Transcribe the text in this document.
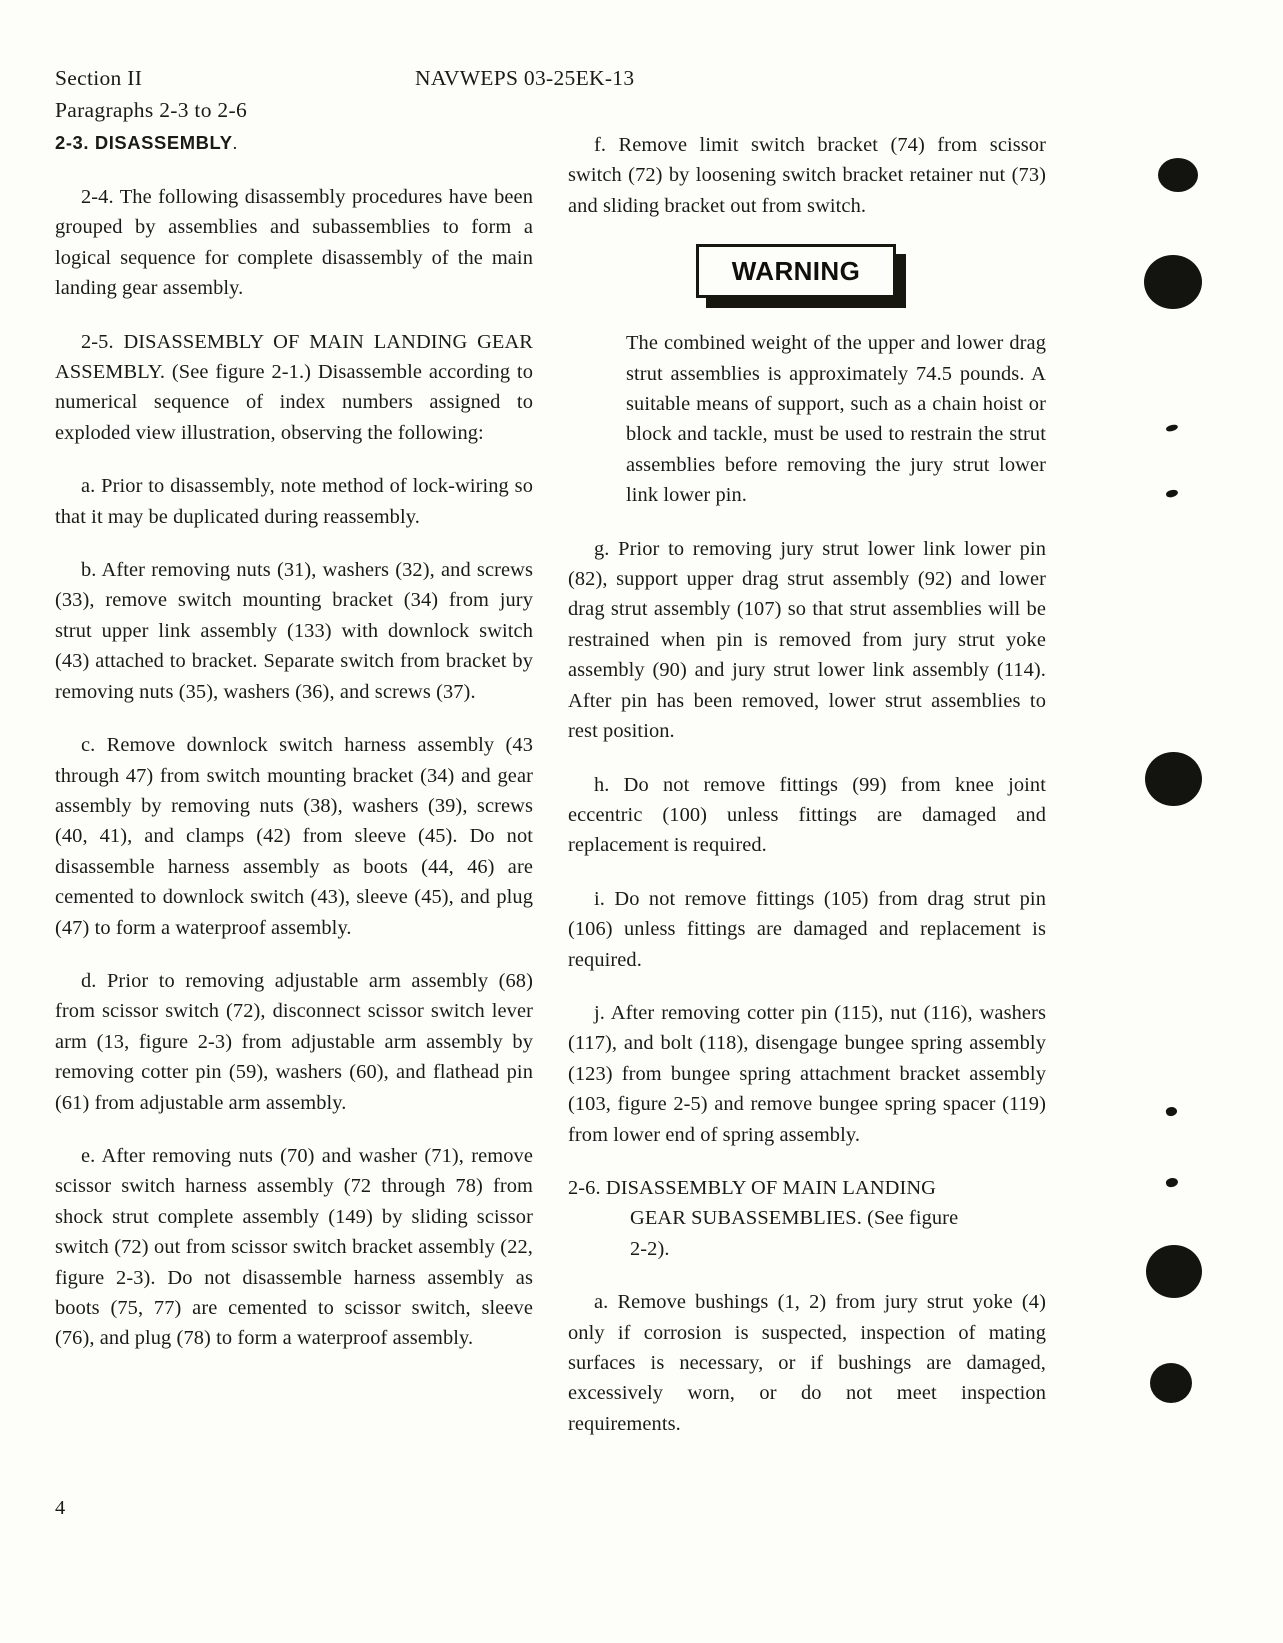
Section II
Paragraphs 2-3 to 2-6
NAVWEPS 03-25EK-13
2-3. DISASSEMBLY.

2-4. The following disassembly procedures have been grouped by assemblies and subassemblies to form a logical sequence for complete disassembly of the main landing gear assembly.

2-5. DISASSEMBLY OF MAIN LANDING GEAR ASSEMBLY. (See figure 2-1.) Disassemble according to numerical sequence of index numbers assigned to exploded view illustration, observing the following:

a. Prior to disassembly, note method of lock-wiring so that it may be duplicated during reassembly.

b. After removing nuts (31), washers (32), and screws (33), remove switch mounting bracket (34) from jury strut upper link assembly (133) with downlock switch (43) attached to bracket. Separate switch from bracket by removing nuts (35), washers (36), and screws (37).

c. Remove downlock switch harness assembly (43 through 47) from switch mounting bracket (34) and gear assembly by removing nuts (38), washers (39), screws (40, 41), and clamps (42) from sleeve (45). Do not disassemble harness assembly as boots (44, 46) are cemented to downlock switch (43), sleeve (45), and plug (47) to form a waterproof assembly.

d. Prior to removing adjustable arm assembly (68) from scissor switch (72), disconnect scissor switch lever arm (13, figure 2-3) from adjustable arm assembly by removing cotter pin (59), washers (60), and flathead pin (61) from adjustable arm assembly.

e. After removing nuts (70) and washer (71), remove scissor switch harness assembly (72 through 78) from shock strut complete assembly (149) by sliding scissor switch (72) out from scissor switch bracket assembly (22, figure 2-3). Do not disassemble harness assembly as boots (75, 77) are cemented to scissor switch, sleeve (76), and plug (78) to form a waterproof assembly.

f. Remove limit switch bracket (74) from scissor switch (72) by loosening switch bracket retainer nut (73) and sliding bracket out from switch.

WARNING

The combined weight of the upper and lower drag strut assemblies is approximately 74.5 pounds. A suitable means of support, such as a chain hoist or block and tackle, must be used to restrain the strut assemblies before removing the jury strut lower link lower pin.

g. Prior to removing jury strut lower link lower pin (82), support upper drag strut assembly (92) and lower drag strut assembly (107) so that strut assemblies will be restrained when pin is removed from jury strut yoke assembly (90) and jury strut lower link assembly (114). After pin has been removed, lower strut assemblies to rest position.

h. Do not remove fittings (99) from knee joint eccentric (100) unless fittings are damaged and replacement is required.

i. Do not remove fittings (105) from drag strut pin (106) unless fittings are damaged and replacement is required.

j. After removing cotter pin (115), nut (116), washers (117), and bolt (118), disengage bungee spring assembly (123) from bungee spring attachment bracket assembly (103, figure 2-5) and remove bungee spring spacer (119) from lower end of spring assembly.

2-6. DISASSEMBLY OF MAIN LANDING
GEAR SUBASSEMBLIES. (See figure
2-2).

a. Remove bushings (1, 2) from jury strut yoke (4) only if corrosion is suspected, inspection of mating surfaces is necessary, or if bushings are damaged, excessively worn, or do not meet inspection requirements.

4
